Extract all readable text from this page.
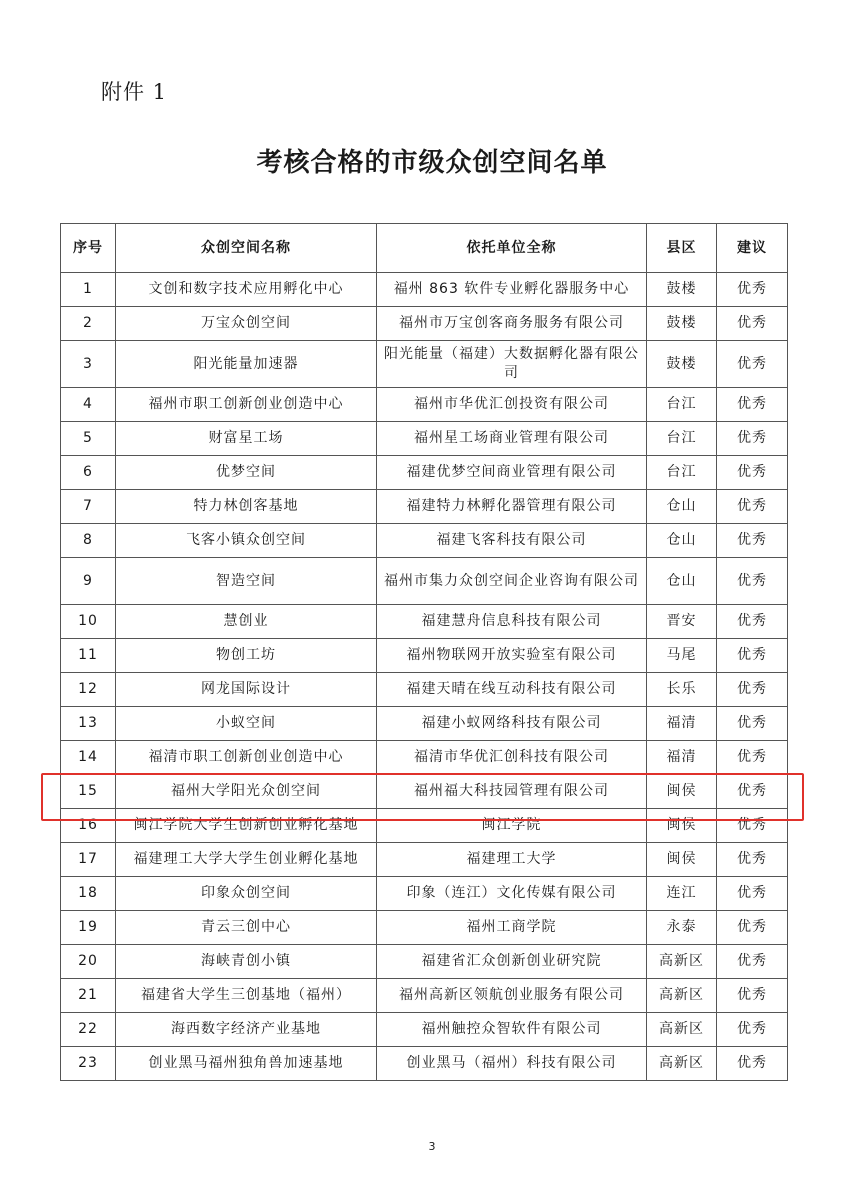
附件 1
考核合格的市级众创空间名单
序号	众创空间名称	依托单位全称	县区	建议
1	文创和数字技术应用孵化中心	福州 863 软件专业孵化器服务中心	鼓楼	优秀
2	万宝众创空间	福州市万宝创客商务服务有限公司	鼓楼	优秀
3	阳光能量加速器	阳光能量（福建）大数据孵化器有限公司	鼓楼	优秀
4	福州市职工创新创业创造中心	福州市华优汇创投资有限公司	台江	优秀
5	财富星工场	福州星工场商业管理有限公司	台江	优秀
6	优梦空间	福建优梦空间商业管理有限公司	台江	优秀
7	特力林创客基地	福建特力林孵化器管理有限公司	仓山	优秀
8	飞客小镇众创空间	福建飞客科技有限公司	仓山	优秀
9	智造空间	福州市集力众创空间企业咨询有限公司	仓山	优秀
10	慧创业	福建慧舟信息科技有限公司	晋安	优秀
11	物创工坊	福州物联网开放实验室有限公司	马尾	优秀
12	网龙国际设计	福建天晴在线互动科技有限公司	长乐	优秀
13	小蚁空间	福建小蚁网络科技有限公司	福清	优秀
14	福清市职工创新创业创造中心	福清市华优汇创科技有限公司	福清	优秀
15	福州大学阳光众创空间	福州福大科技园管理有限公司	闽侯	优秀
16	闽江学院大学生创新创业孵化基地	闽江学院	闽侯	优秀
17	福建理工大学大学生创业孵化基地	福建理工大学	闽侯	优秀
18	印象众创空间	印象（连江）文化传媒有限公司	连江	优秀
19	青云三创中心	福州工商学院	永泰	优秀
20	海峡青创小镇	福建省汇众创新创业研究院	高新区	优秀
21	福建省大学生三创基地（福州）	福州高新区领航创业服务有限公司	高新区	优秀
22	海西数字经济产业基地	福州触控众智软件有限公司	高新区	优秀
23	创业黑马福州独角兽加速基地	创业黑马（福州）科技有限公司	高新区	优秀
3
